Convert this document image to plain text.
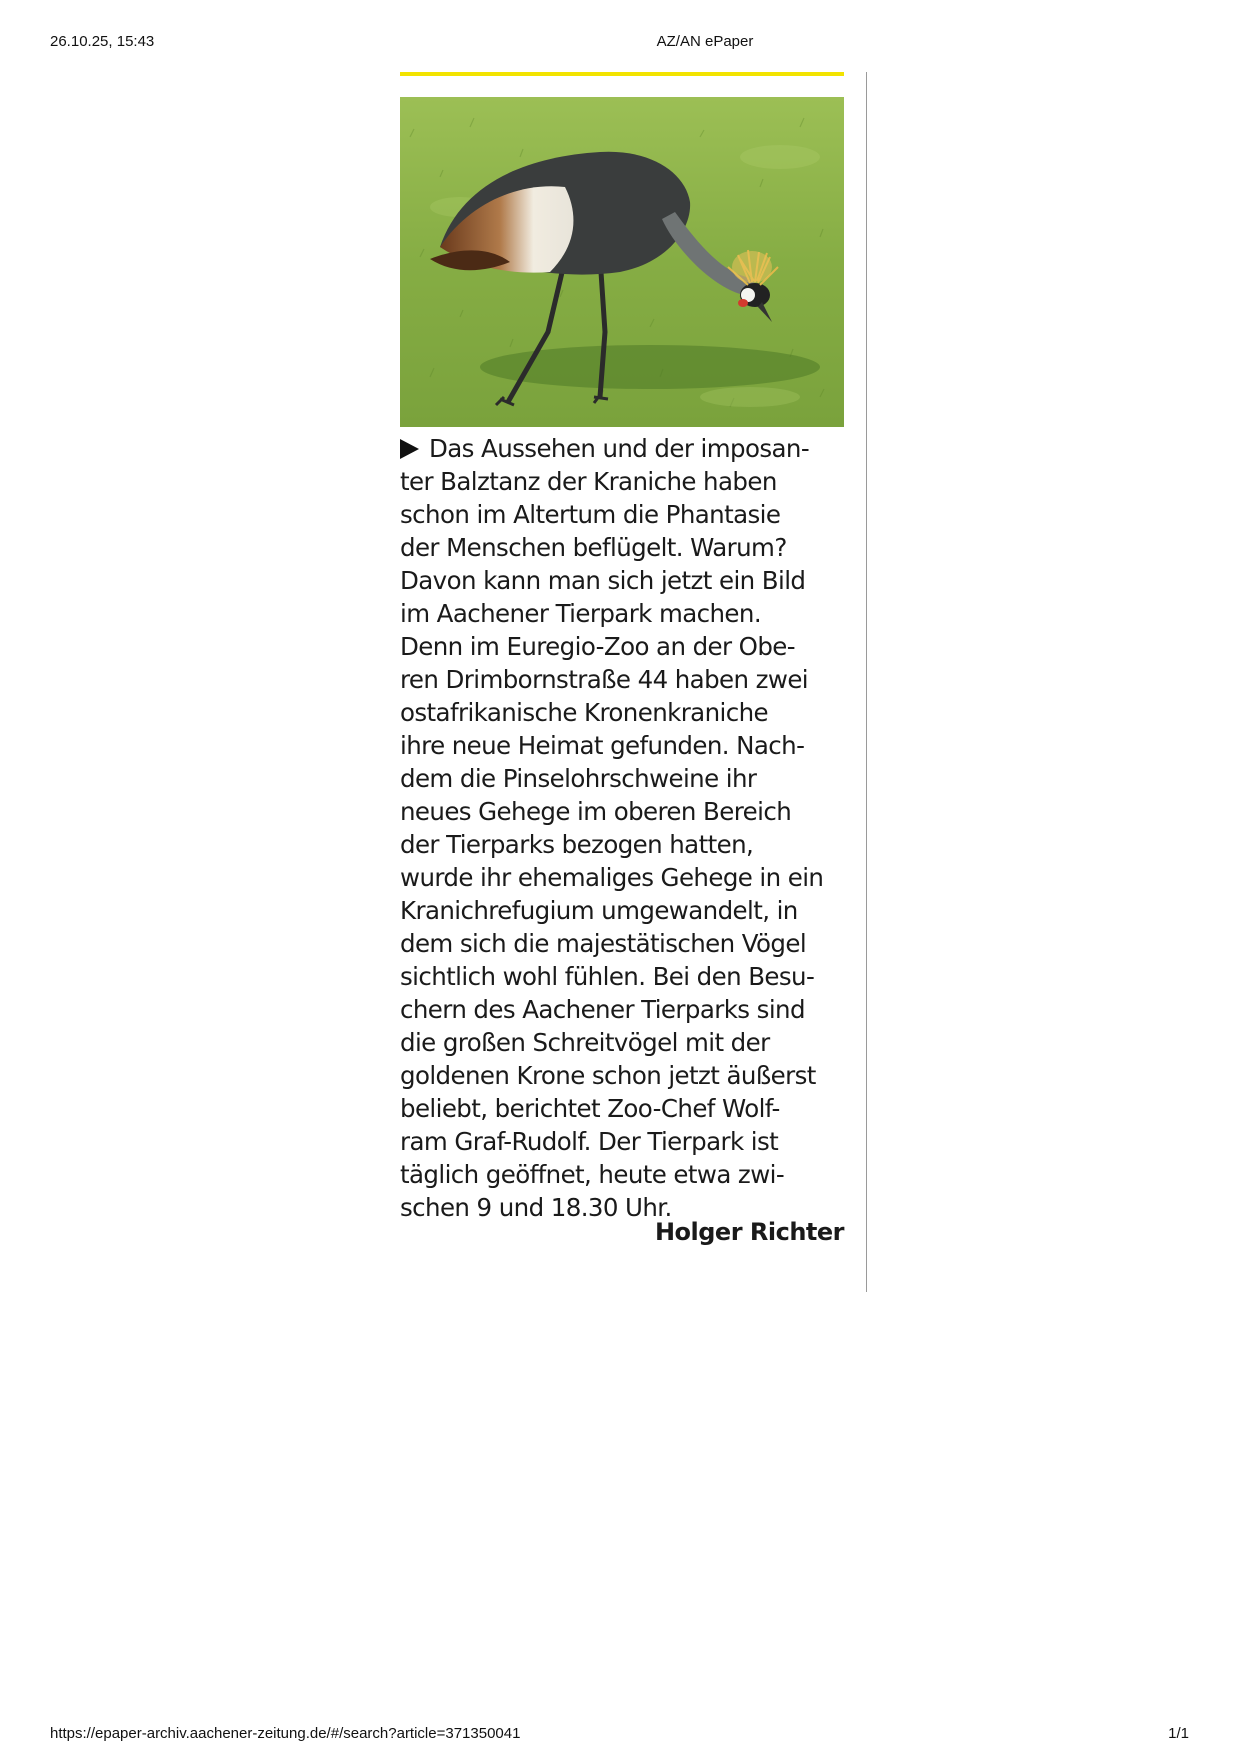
26.10.25, 15:43	AZ/AN ePaper
Das Aussehen und der imposan-
ter Balztanz der Kraniche haben
schon im Altertum die Phantasie
der Menschen beflügelt. Warum?
Davon kann man sich jetzt ein Bild
im Aachener Tierpark machen.
Denn im Euregio-Zoo an der Obe-
ren Drimbornstraße 44 haben zwei
ostafrikanische Kronenkraniche
ihre neue Heimat gefunden. Nach-
dem die Pinselohrschweine ihr
neues Gehege im oberen Bereich
der Tierparks bezogen hatten,
wurde ihr ehemaliges Gehege in ein
Kranichrefugium umgewandelt, in
dem sich die majestätischen Vögel
sichtlich wohl fühlen. Bei den Besu-
chern des Aachener Tierparks sind
die großen Schreitvögel mit der
goldenen Krone schon jetzt äußerst
beliebt, berichtet Zoo-Chef Wolf-
ram Graf-Rudolf. Der Tierpark ist
täglich geöffnet, heute etwa zwi-
schen 9 und 18.30 Uhr.
Holger Richter
https://epaper-archiv.aachener-zeitung.de/#/search?article=371350041	1/1
